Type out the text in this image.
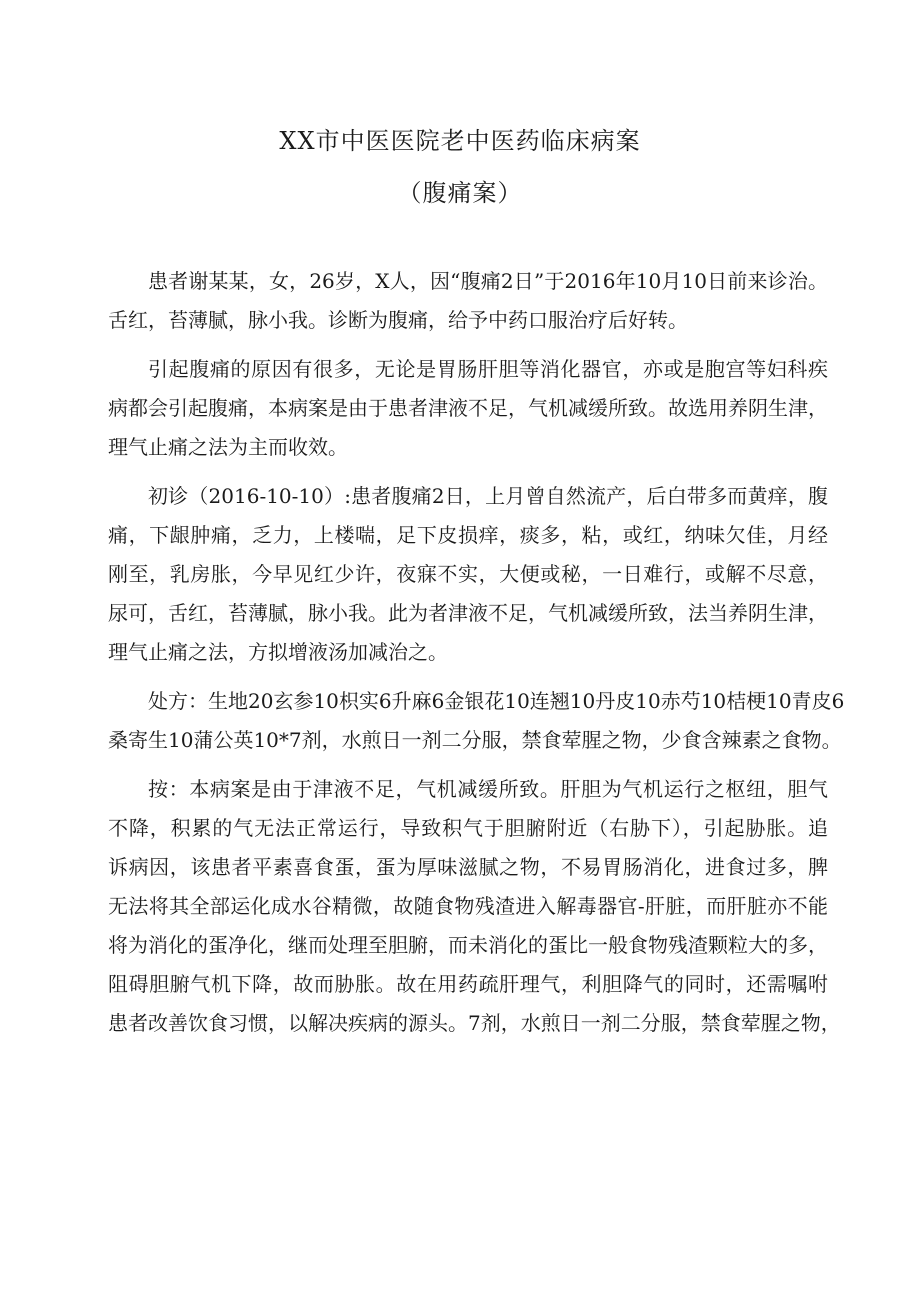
XX市中医医院老中医药临床病案
（腹痛案）
患者谢某某，女，26岁，X人，因“腹痛2日”于2016年10月10日前来诊治。
舌红，苔薄腻，脉小我。诊断为腹痛，给予中药口服治疗后好转。
引起腹痛的原因有很多，无论是胃肠肝胆等消化器官，亦或是胞宫等妇科疾
病都会引起腹痛，本病案是由于患者津液不足，气机减缓所致。故选用养阴生津，
理气止痛之法为主而收效。
初诊（2016-10-10）:患者腹痛2日，上月曾自然流产，后白带多而黄痒，腹
痛，下龈肿痛，乏力，上楼喘，足下皮损痒，痰多，粘，或红，纳味欠佳，月经
刚至，乳房胀，今早见红少许，夜寐不实，大便或秘，一日难行，或解不尽意，
尿可，舌红，苔薄腻，脉小我。此为者津液不足，气机减缓所致，法当养阴生津，
理气止痛之法，方拟增液汤加减治之。
处方：生地20玄参10枳实6升麻6金银花10连翘10丹皮10赤芍10桔梗10青皮6
桑寄生10蒲公英10*7剂，水煎日一剂二分服，禁食荤腥之物，少食含辣素之食物。
按：本病案是由于津液不足，气机减缓所致。肝胆为气机运行之枢纽，胆气
不降，积累的气无法正常运行，导致积气于胆腑附近（右胁下），引起胁胀。追
诉病因，该患者平素喜食蛋，蛋为厚味滋腻之物，不易胃肠消化，进食过多，脾
无法将其全部运化成水谷精微，故随食物残渣进入解毒器官-肝脏，而肝脏亦不能
将为消化的蛋净化，继而处理至胆腑，而未消化的蛋比一般食物残渣颗粒大的多，
阻碍胆腑气机下降，故而胁胀。故在用药疏肝理气，利胆降气的同时，还需嘱咐
患者改善饮食习惯，以解决疾病的源头。7剂，水煎日一剂二分服，禁食荤腥之物，
